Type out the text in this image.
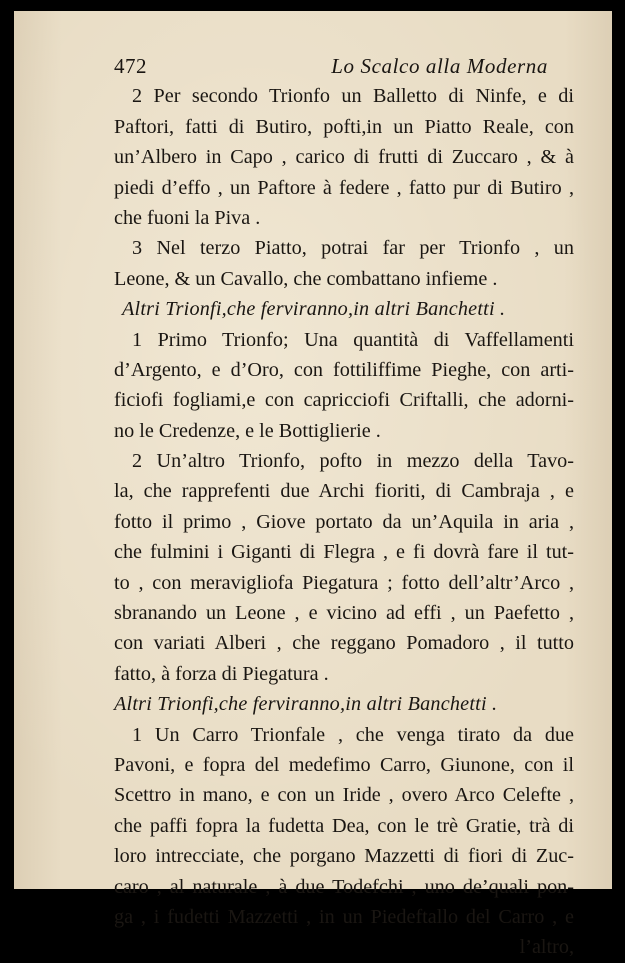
472	Lo Scalco alla Moderna
2 Per secondo Trionfo un Balletto di Ninfe, e di
Paftori, fatti di Butiro, pofti,in un Piatto Reale, con
un’Albero in Capo , carico di frutti di Zuccaro , & à
piedi d’effo , un Paftore à federe , fatto pur di Butiro ,
che fuoni la Piva .
3 Nel terzo Piatto, potrai far per Trionfo , un
Leone, & un Cavallo, che combattano infieme .
Altri Trionfi,che ferviranno,in altri Banchetti .
1 Primo Trionfo; Una quantità di Vaffellamenti
d’Argento, e d’Oro, con fottiliffime Pieghe, con arti-
ficiofi fogliami,e con capricciofi Criftalli, che adorni-
no le Credenze, e le Bottiglierie .
2 Un’altro Trionfo, pofto in mezzo della Tavo-
la, che rapprefenti due Archi fioriti, di Cambraja , e
fotto il primo , Giove portato da un’Aquila in aria ,
che fulmini i Giganti di Flegra , e fi dovrà fare il tut-
to , con meravigliofa Piegatura ; fotto dell’altr’Arco ,
sbranando un Leone , e vicino ad effi , un Paefetto ,
con variati Alberi , che reggano Pomadoro , il tutto
fatto, à forza di Piegatura .
Altri Trionfi,che ferviranno,in altri Banchetti .
1 Un Carro Trionfale , che venga tirato da due
Pavoni, e fopra del medefimo Carro, Giunone, con il
Scettro in mano, e con un Iride , overo Arco Celefte ,
che paffi fopra la fudetta Dea, con le trè Gratie, trà di
loro intrecciate, che porgano Mazzetti di fiori di Zuc-
caro , al naturale , à due Todefchi , uno de’quali pon-
ga , i fudetti Mazzetti , in un Piedeftallo del Carro , e
l’altro,
